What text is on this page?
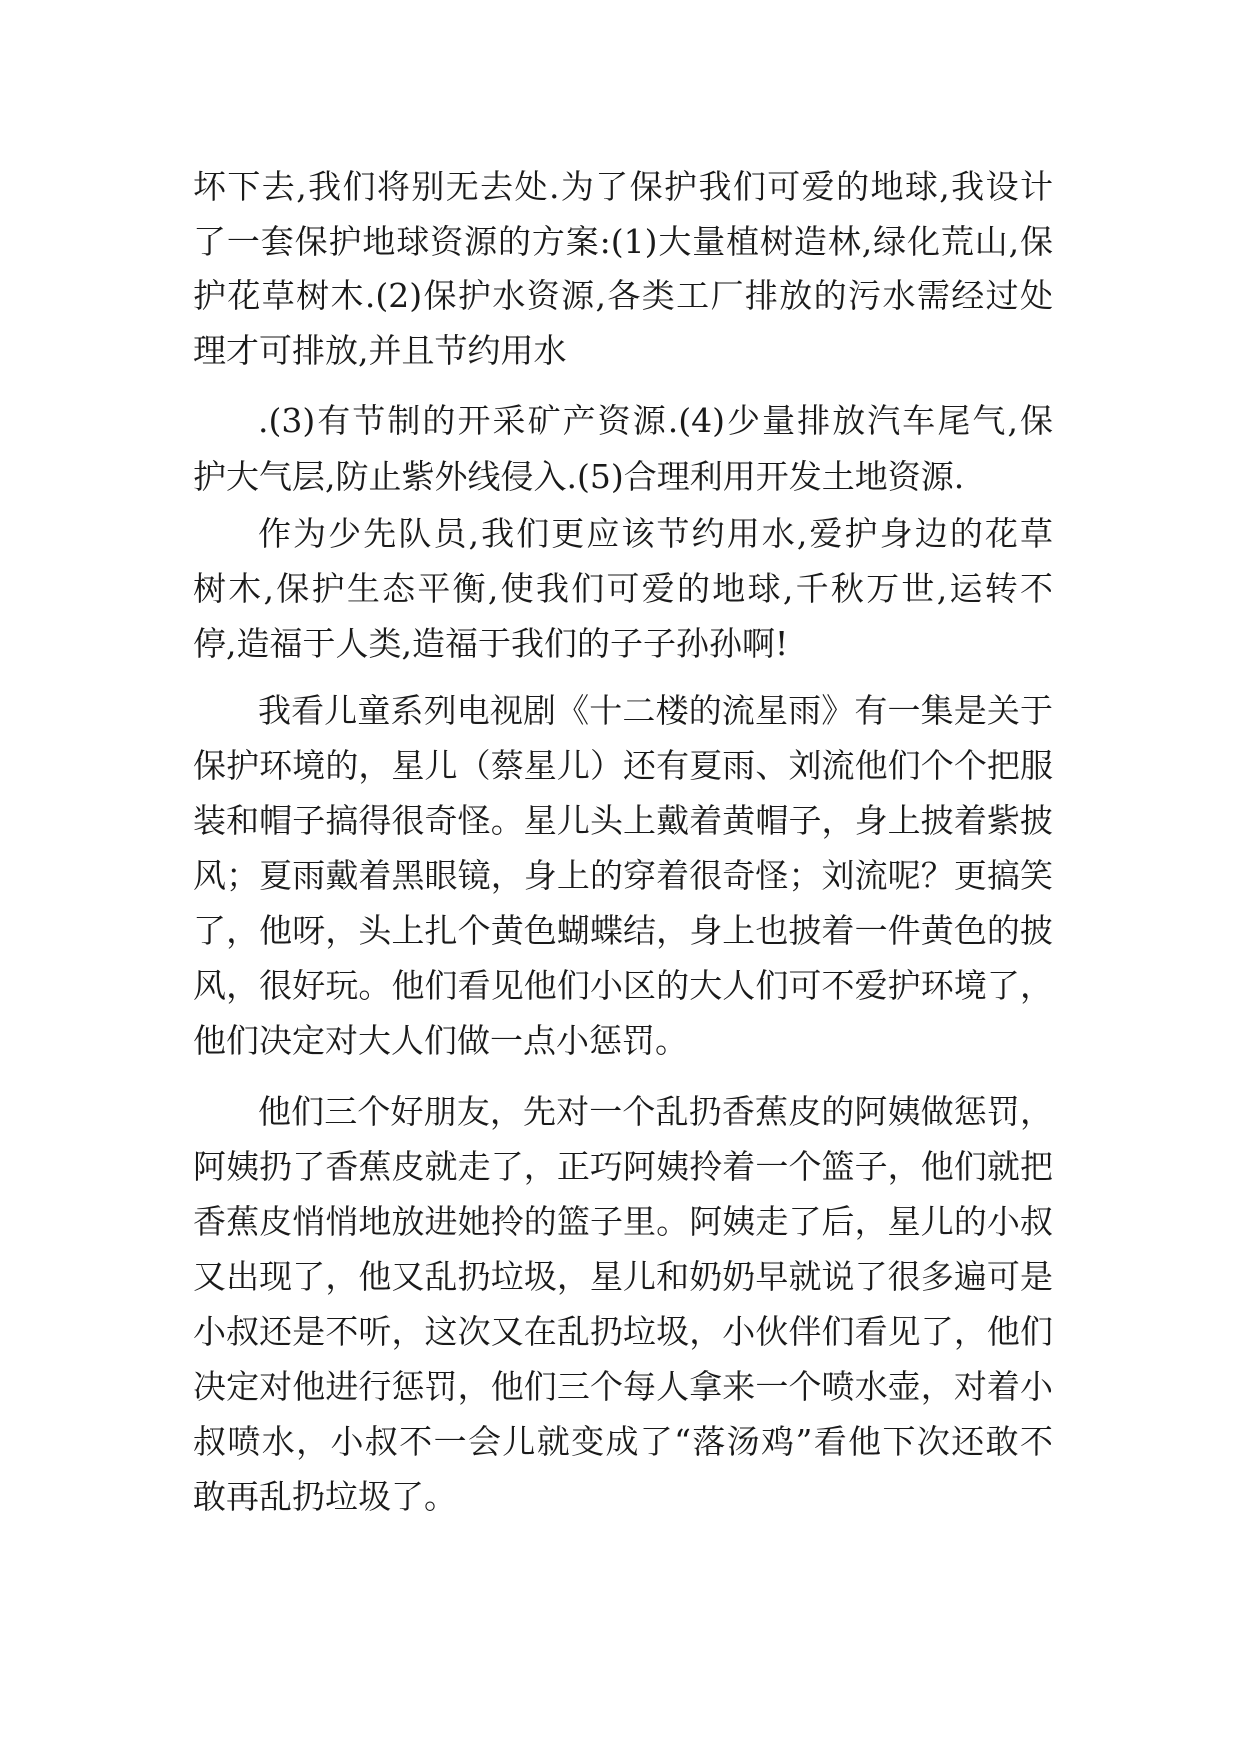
坏下去,我们将别无去处.为了保护我们可爱的地球,我设计
了一套保护地球资源的方案:(1)大量植树造林,绿化荒山,保
护花草树木.(2)保护水资源,各类工厂排放的污水需经过处
理才可排放,并且节约用水
.(3)有节制的开采矿产资源.(4)少量排放汽车尾气,保
护大气层,防止紫外线侵入.(5)合理利用开发土地资源.
作为少先队员,我们更应该节约用水,爱护身边的花草
树木,保护生态平衡,使我们可爱的地球,千秋万世,运转不
停,造福于人类,造福于我们的子子孙孙啊!
我看儿童系列电视剧《十二楼的流星雨》有一集是关于
保护环境的，星儿（蔡星儿）还有夏雨、刘流他们个个把服
装和帽子搞得很奇怪。星儿头上戴着黄帽子，身上披着紫披
风；夏雨戴着黑眼镜，身上的穿着很奇怪；刘流呢？更搞笑
了，他呀，头上扎个黄色蝴蝶结，身上也披着一件黄色的披
风，很好玩。他们看见他们小区的大人们可不爱护环境了，
他们决定对大人们做一点小惩罚。
他们三个好朋友，先对一个乱扔香蕉皮的阿姨做惩罚，
阿姨扔了香蕉皮就走了，正巧阿姨拎着一个篮子，他们就把
香蕉皮悄悄地放进她拎的篮子里。阿姨走了后，星儿的小叔
又出现了，他又乱扔垃圾，星儿和奶奶早就说了很多遍可是
小叔还是不听，这次又在乱扔垃圾，小伙伴们看见了，他们
决定对他进行惩罚，他们三个每人拿来一个喷水壶，对着小
叔喷水，小叔不一会儿就变成了“落汤鸡”看他下次还敢不
敢再乱扔垃圾了。
